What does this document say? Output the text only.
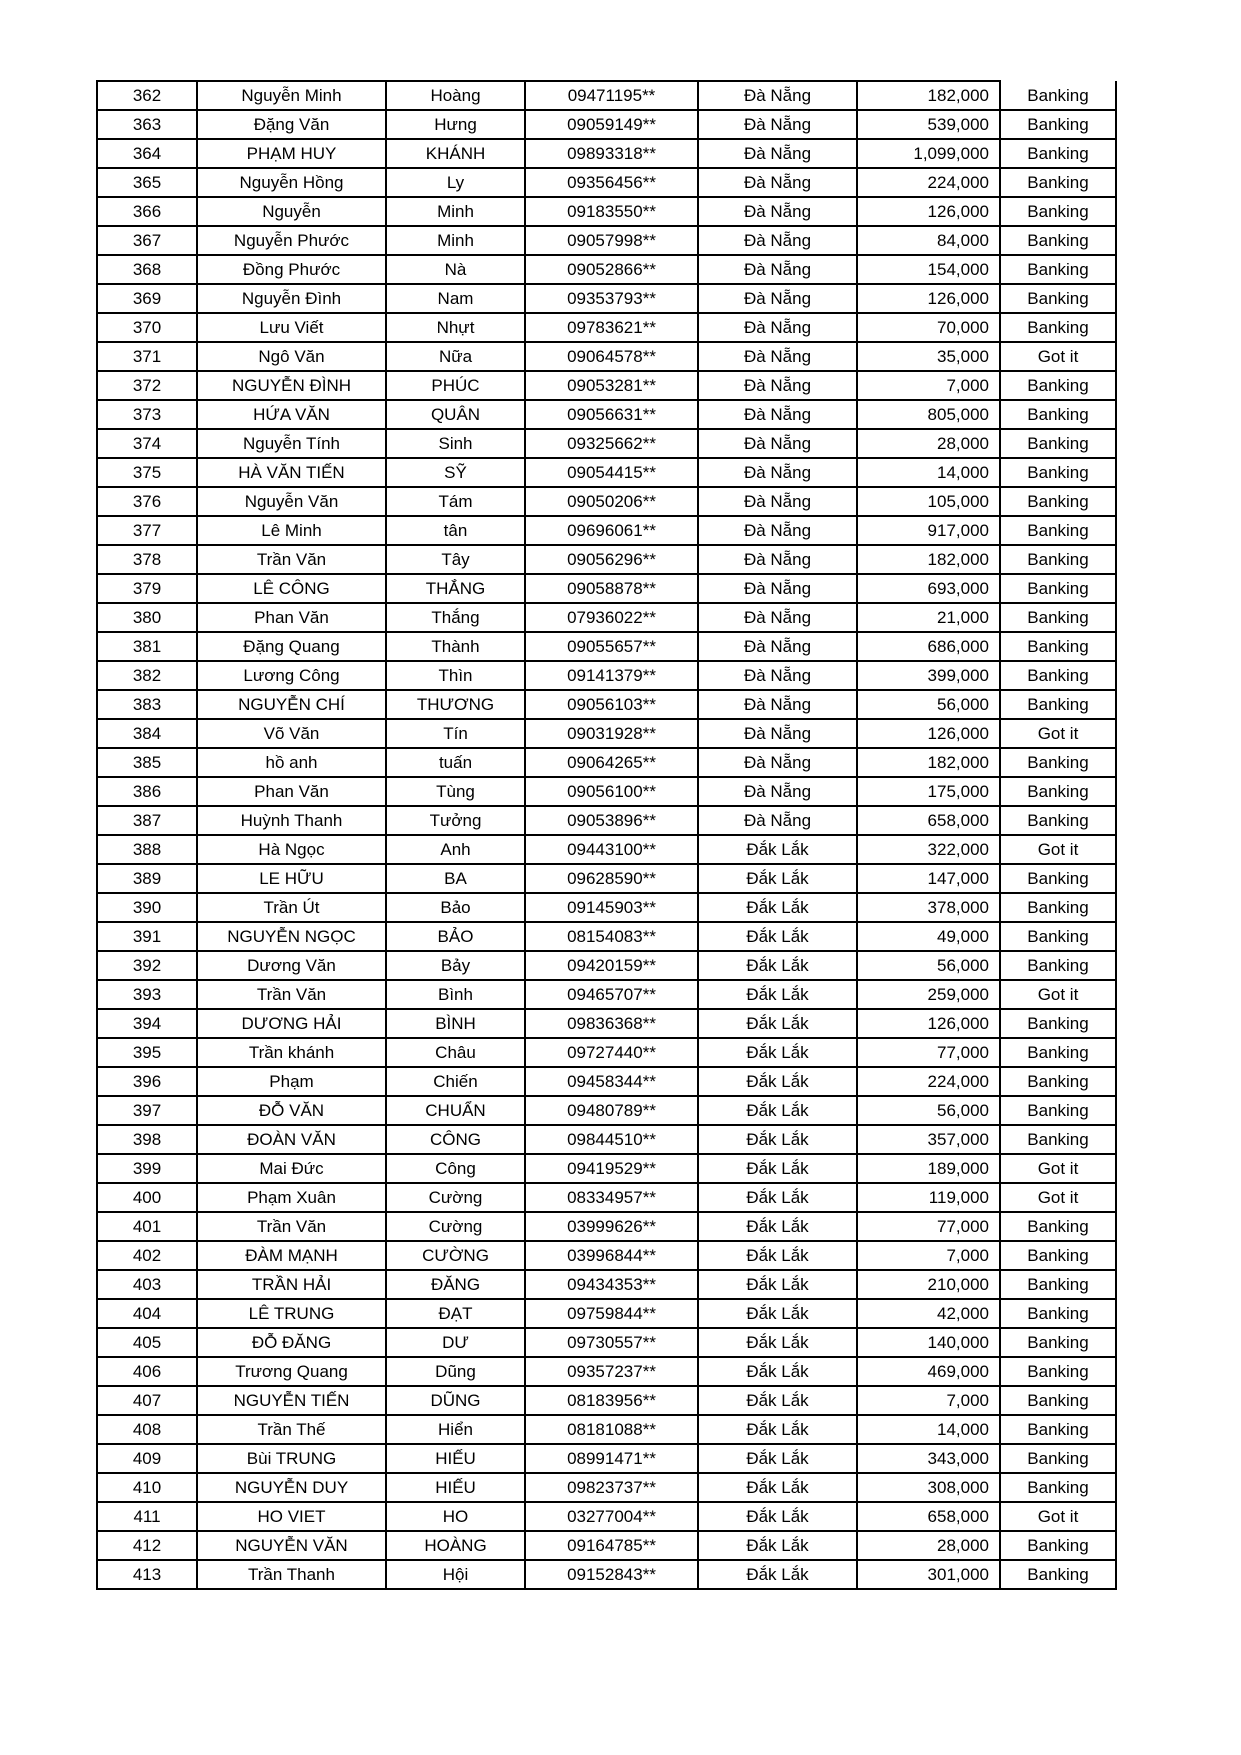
362	Nguyễn Minh	Hoàng	09471195**	Đà Nẵng	182,000	Banking
363	Đặng Văn	Hưng	09059149**	Đà Nẵng	539,000	Banking
364	PHẠM HUY	KHÁNH	09893318**	Đà Nẵng	1,099,000	Banking
365	Nguyễn Hồng	Ly	09356456**	Đà Nẵng	224,000	Banking
366	Nguyễn	Minh	09183550**	Đà Nẵng	126,000	Banking
367	Nguyễn Phước	Minh	09057998**	Đà Nẵng	84,000	Banking
368	Đồng Phước	Nà	09052866**	Đà Nẵng	154,000	Banking
369	Nguyễn Đình	Nam	09353793**	Đà Nẵng	126,000	Banking
370	Lưu Viết	Nhựt	09783621**	Đà Nẵng	70,000	Banking
371	Ngô Văn	Nữa	09064578**	Đà Nẵng	35,000	Got it
372	NGUYỄN ĐÌNH	PHÚC	09053281**	Đà Nẵng	7,000	Banking
373	HỨA VĂN	QUÂN	09056631**	Đà Nẵng	805,000	Banking
374	Nguyễn Tính	Sinh	09325662**	Đà Nẵng	28,000	Banking
375	HÀ VĂN TIẾN	SỸ	09054415**	Đà Nẵng	14,000	Banking
376	Nguyễn Văn	Tám	09050206**	Đà Nẵng	105,000	Banking
377	Lê Minh	tân	09696061**	Đà Nẵng	917,000	Banking
378	Trần Văn	Tây	09056296**	Đà Nẵng	182,000	Banking
379	LÊ CÔNG	THẮNG	09058878**	Đà Nẵng	693,000	Banking
380	Phan Văn	Thắng	07936022**	Đà Nẵng	21,000	Banking
381	Đặng Quang	Thành	09055657**	Đà Nẵng	686,000	Banking
382	Lương Công	Thìn	09141379**	Đà Nẵng	399,000	Banking
383	NGUYỄN CHÍ	THƯƠNG	09056103**	Đà Nẵng	56,000	Banking
384	Võ Văn	Tín	09031928**	Đà Nẵng	126,000	Got it
385	hồ anh	tuấn	09064265**	Đà Nẵng	182,000	Banking
386	Phan Văn	Tùng	09056100**	Đà Nẵng	175,000	Banking
387	Huỳnh Thanh	Tưởng	09053896**	Đà Nẵng	658,000	Banking
388	Hà Ngọc	Anh	09443100**	Đắk Lắk	322,000	Got it
389	LE HỮU	BA	09628590**	Đắk Lắk	147,000	Banking
390	Trần Út	Bảo	09145903**	Đắk Lắk	378,000	Banking
391	NGUYỄN NGỌC	BẢO	08154083**	Đắk Lắk	49,000	Banking
392	Dương Văn	Bảy	09420159**	Đắk Lắk	56,000	Banking
393	Trần Văn	Bình	09465707**	Đắk Lắk	259,000	Got it
394	DƯƠNG HẢI	BÌNH	09836368**	Đắk Lắk	126,000	Banking
395	Trần khánh	Châu	09727440**	Đắk Lắk	77,000	Banking
396	Phạm	Chiến	09458344**	Đắk Lắk	224,000	Banking
397	ĐỖ VĂN	CHUẨN	09480789**	Đắk Lắk	56,000	Banking
398	ĐOÀN VĂN	CÔNG	09844510**	Đắk Lắk	357,000	Banking
399	Mai Đức	Công	09419529**	Đắk Lắk	189,000	Got it
400	Phạm Xuân	Cường	08334957**	Đắk Lắk	119,000	Got it
401	Trần Văn	Cường	03999626**	Đắk Lắk	77,000	Banking
402	ĐÀM MẠNH	CƯỜNG	03996844**	Đắk Lắk	7,000	Banking
403	TRẦN HẢI	ĐĂNG	09434353**	Đắk Lắk	210,000	Banking
404	LÊ TRUNG	ĐẠT	09759844**	Đắk Lắk	42,000	Banking
405	ĐỖ ĐĂNG	DƯ	09730557**	Đắk Lắk	140,000	Banking
406	Trương Quang	Dũng	09357237**	Đắk Lắk	469,000	Banking
407	NGUYỄN TIẾN	DŨNG	08183956**	Đắk Lắk	7,000	Banking
408	Trần Thế	Hiển	08181088**	Đắk Lắk	14,000	Banking
409	Bùi TRUNG	HIẾU	08991471**	Đắk Lắk	343,000	Banking
410	NGUYỄN DUY	HIẾU	09823737**	Đắk Lắk	308,000	Banking
411	HO VIET	HO	03277004**	Đắk Lắk	658,000	Got it
412	NGUYỄN VĂN	HOÀNG	09164785**	Đắk Lắk	28,000	Banking
413	Trần Thanh	Hội	09152843**	Đắk Lắk	301,000	Banking
